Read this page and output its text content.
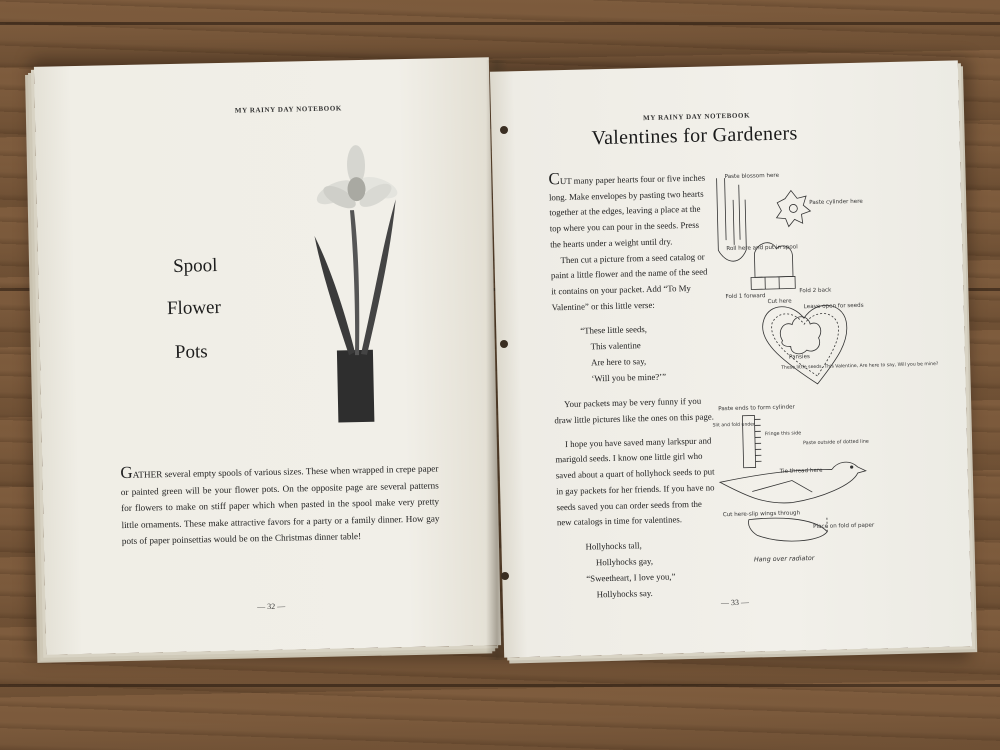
MY RAINY DAY NOTEBOOK
Spool
Flower
Pots
GATHER several empty spools of various sizes. These when wrapped in crepe paper or painted green will be your flower pots. On the opposite page are several patterns for flowers to make on stiff paper which when pasted in the spool make very pretty little ornaments. These make attractive favors for a party or a family dinner. How gay pots of paper poinsettias would be on the Christmas dinner table!
— 32 —
MY RAINY DAY NOTEBOOK
Valentines for Gardeners

CUT many paper hearts four or five inches long. Make envelopes by pasting two hearts together at the edges, leaving a place at the top where you can pour in the seeds. Press the hearts under a weight until dry.

Then cut a picture from a seed catalog or paint a little flower and the name of the seed it contains on your packet. Add “To My Valentine” or this little verse:

“These little seeds,
This valentine
Are here to say,
‘Will you be mine?’”

Your packets may be very funny if you draw little pictures like the ones on this page.

I hope you have saved many larkspur and marigold seeds. I know one little girl who saved about a quart of hollyhock seeds to put in gay packets for her friends. If you have no seeds saved you can order seeds from the new catalogs in time for valentines.

Hollyhocks tall,
Hollyhocks gay,
“Sweetheart, I love you,”
Hollyhocks say.

Paste blossom here
Paste cylinder here
Roll here and put in spool
Fold 1 forward
Cut here
Fold 2 back
Leave open for seeds
These little seeds, This Valentine, Are here to say, Will you be mine?
Pansies
Paste ends to form cylinder
Slit and fold under
Fringe this side
Paste outside of dotted line
Tie thread here
Cut here-slip wings through
Place on fold of paper
Hang over radiator
— 33 —
